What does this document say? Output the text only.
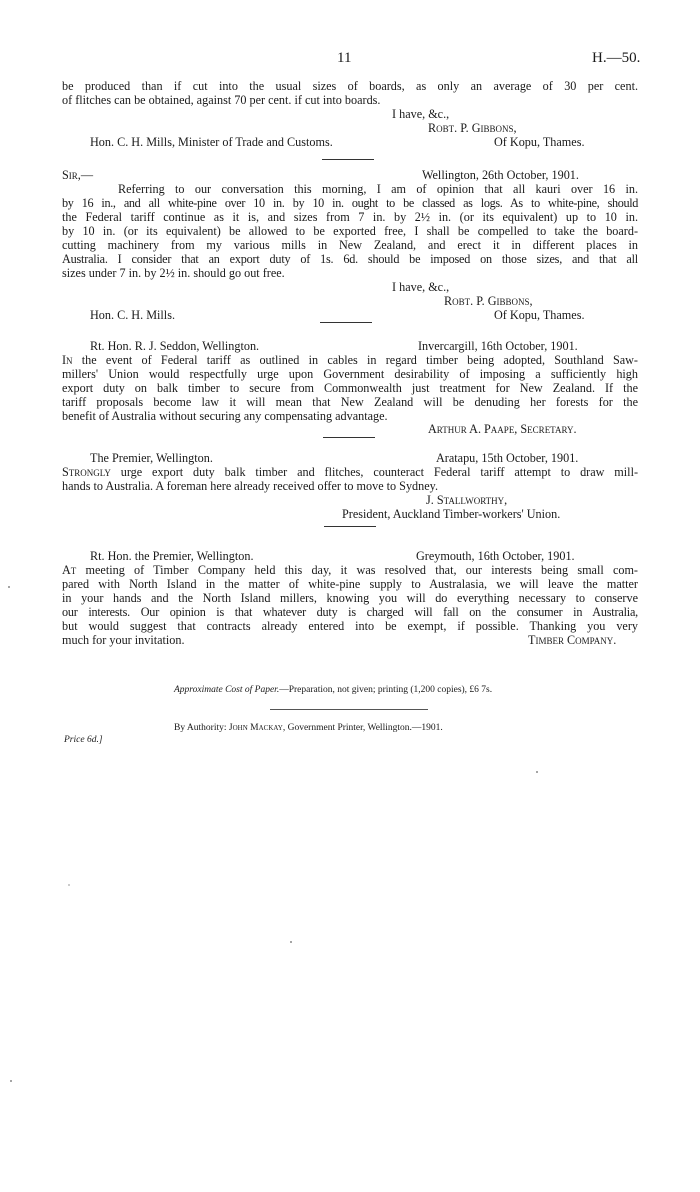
11	H.—50.
be produced than if cut into the usual sizes of boards, as only an average of 30 per cent.
of flitches can be obtained, against 70 per cent. if cut into boards.
I have, &c.,
Robt. P. Gibbons,
Hon. C. H. Mills, Minister of Trade and Customs.	Of Kopu, Thames.
Sir,—	Wellington, 26th October, 1901.
Referring to our conversation this morning, I am of opinion that all kauri over 16 in.
by 16 in., and all white-pine over 10 in. by 10 in. ought to be classed as logs. As to white-pine, should
the Federal tariff continue as it is, and sizes from 7 in. by 2½ in. (or its equivalent) up to 10 in.
by 10 in. (or its equivalent) be allowed to be exported free, I shall be compelled to take the board-
cutting machinery from my various mills in New Zealand, and erect it in different places in
Australia. I consider that an export duty of 1s. 6d. should be imposed on those sizes, and that all
sizes under 7 in. by 2½ in. should go out free.
I have, &c.,
Robt. P. Gibbons,
Hon. C. H. Mills.	Of Kopu, Thames.
Rt. Hon. R. J. Seddon, Wellington.	Invercargill, 16th October, 1901.
In the event of Federal tariff as outlined in cables in regard timber being adopted, Southland Saw-
millers' Union would respectfully urge upon Government desirability of imposing a sufficiently high
export duty on balk timber to secure from Commonwealth just treatment for New Zealand. If the
tariff proposals become law it will mean that New Zealand will be denuding her forests for the
benefit of Australia without securing any compensating advantage.
Arthur A. Paape, Secretary.
The Premier, Wellington.	Aratapu, 15th October, 1901.
Strongly urge export duty balk timber and flitches, counteract Federal tariff attempt to draw mill-
hands to Australia. A foreman here already received offer to move to Sydney.
J. Stallworthy,
President, Auckland Timber-workers' Union.
Rt. Hon. the Premier, Wellington.	Greymouth, 16th October, 1901.
At meeting of Timber Company held this day, it was resolved that, our interests being small com-
pared with North Island in the matter of white-pine supply to Australasia, we will leave the matter
in your hands and the North Island millers, knowing you will do everything necessary to conserve
our interests. Our opinion is that whatever duty is charged will fall on the consumer in Australia,
but would suggest that contracts already entered into be exempt, if possible. Thanking you very
much for your invitation.	Timber Company.
Approximate Cost of Paper.—Preparation, not given; printing (1,200 copies), £6 7s.
By Authority: John Mackay, Government Printer, Wellington.—1901.
Price 6d.]
